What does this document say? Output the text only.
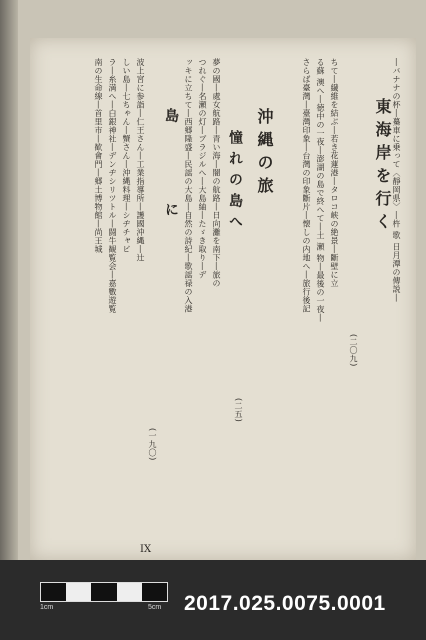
東海岸を行く ―バナナの杯―驀車に乗って〈靜岡県〉―杵 歌 日月潭の傳説―
(二〇九)
ちて―繊維を結ぶ―若き花蓮港―タロコ峡の絶景―斷壁に立
る蘇 澳へ―徳中の一夜―澎湖の島で終へて―土 瀬 物―最後の一夜―
さらば臺灣―臺灣印象―台灣の印象斷片―懐しの内地へ―旅行後記
沖縄の旅
憧れの島へ
(二五)
夢の國―處女航路―青い海―闇の航路―日向灘を南下―旅の
つれぐ―名瀬の灯―ブラジルへ―大島紬―たゞき取り―デ
ッキに立ちて―西郷隆盛―民謡の大島―自然の詩紀―歌謡禄の入港
島に
(一九〇)
波上宮に参詣―仁王さん―工業指導所―護國沖縄―辻
しい島―七ちゃん―蟹さん―沖縄料理―シヂチャビ
ラ―糸満へ―白銀神社―デンヂシリツトル―闘牛観覧会―嘉數遊覧
南の生命線―首里市―歓會門―郷土博物館―尚王城
IX
1cm	5cm 2017.025.0075.0001
